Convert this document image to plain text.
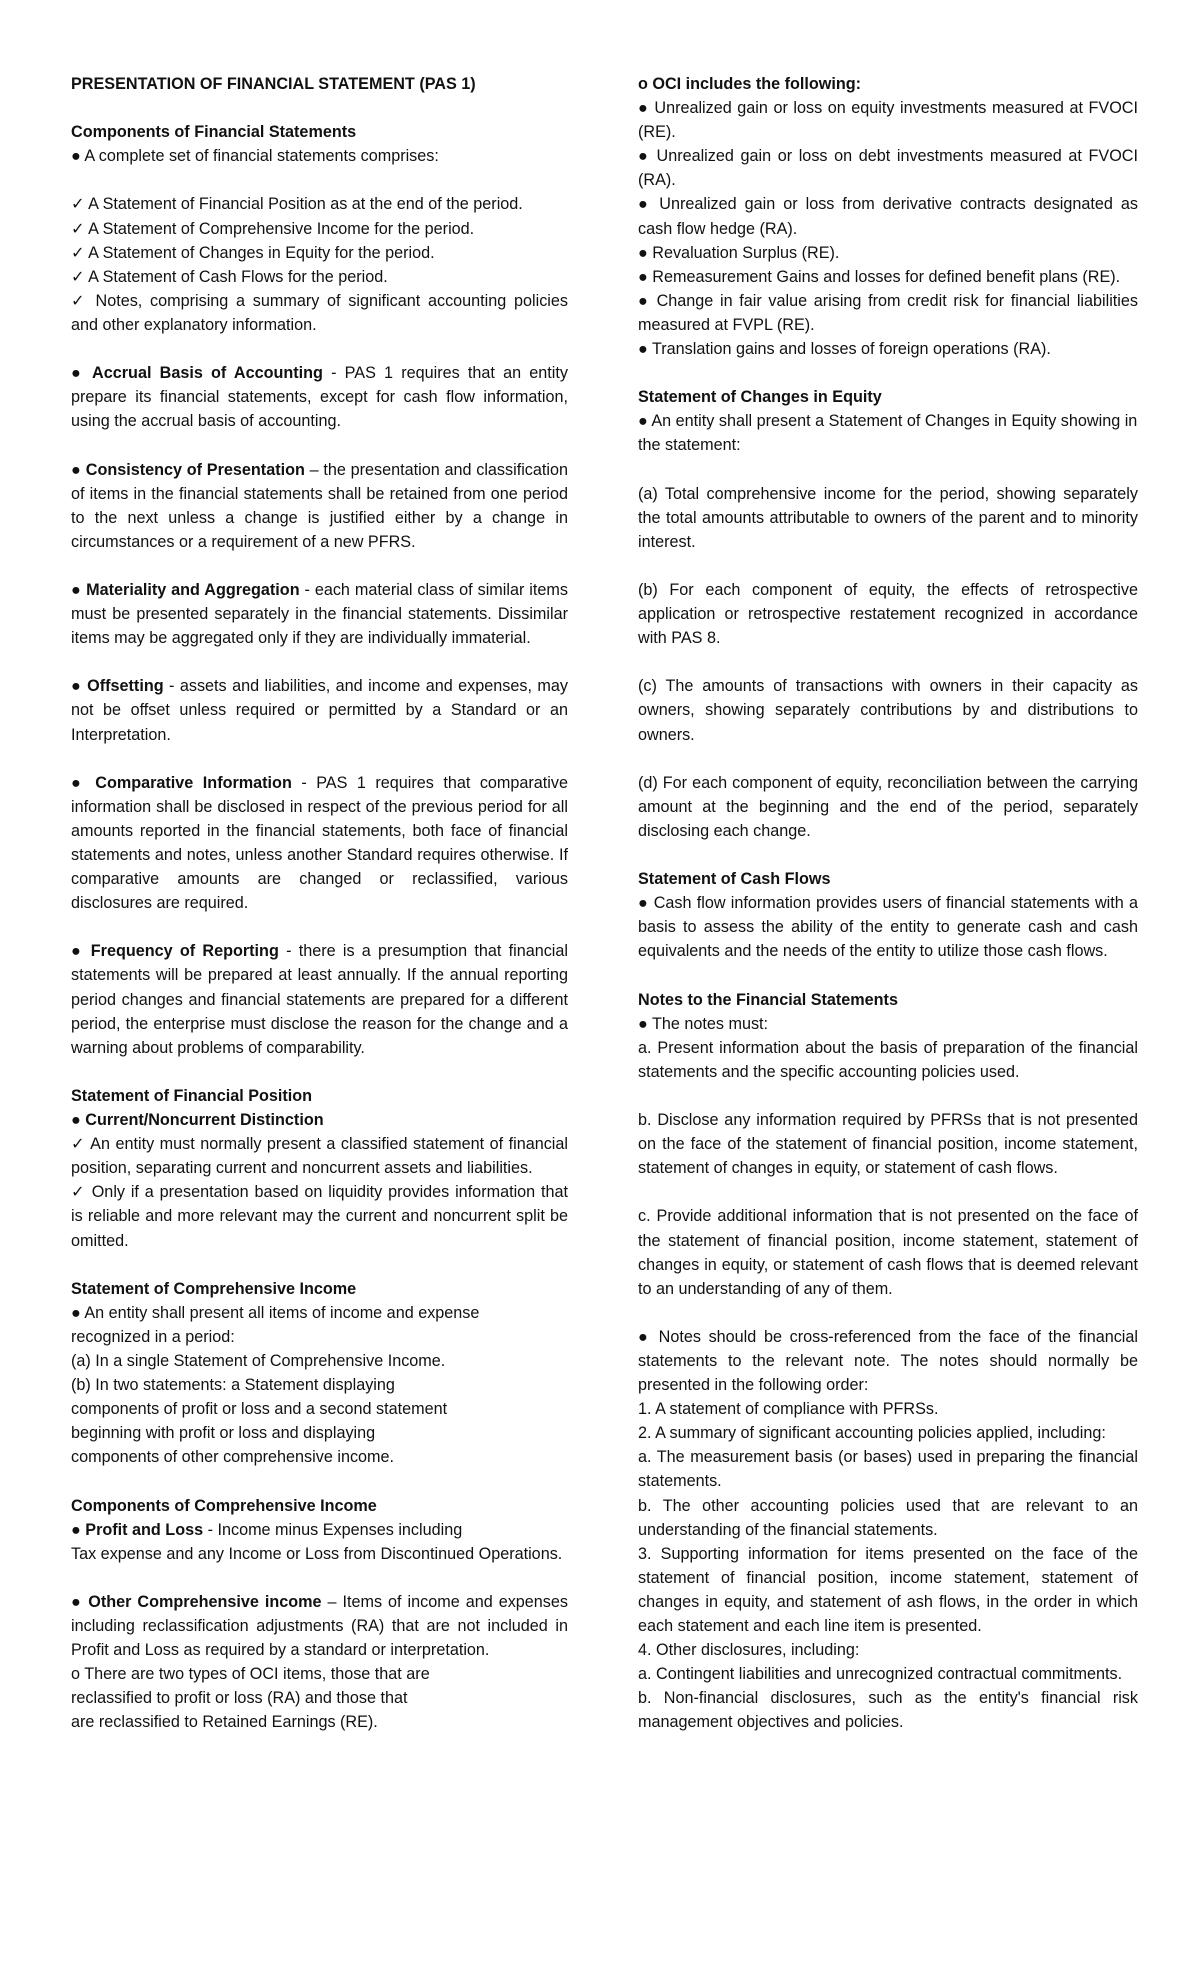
PRESENTATION OF FINANCIAL STATEMENT (PAS 1)

Components of Financial Statements

● A complete set of financial statements comprises:

✓ A Statement of Financial Position as at the end of the period.

✓ A Statement of Comprehensive Income for the period.

✓ A Statement of Changes in Equity for the period.

✓ A Statement of Cash Flows for the period.

✓ Notes, comprising a summary of significant accounting policies and other explanatory information.

● Accrual Basis of Accounting - PAS 1 requires that an entity prepare its financial statements, except for cash flow information, using the accrual basis of accounting.

● Consistency of Presentation – the presentation and classification of items in the financial statements shall be retained from one period to the next unless a change is justified either by a change in circumstances or a requirement of a new PFRS.

● Materiality and Aggregation - each material class of similar items must be presented separately in the financial statements. Dissimilar items may be aggregated only if they are individually immaterial.

● Offsetting - assets and liabilities, and income and expenses, may not be offset unless required or permitted by a Standard or an Interpretation.

● Comparative Information - PAS 1 requires that comparative information shall be disclosed in respect of the previous period for all amounts reported in the financial statements, both face of financial statements and notes, unless another Standard requires otherwise. If comparative amounts are changed or reclassified, various disclosures are required.

● Frequency of Reporting - there is a presumption that financial statements will be prepared at least annually. If the annual reporting period changes and financial statements are prepared for a different period, the enterprise must disclose the reason for the change and a warning about problems of comparability.

Statement of Financial Position

● Current/Noncurrent Distinction

✓ An entity must normally present a classified statement of financial position, separating current and noncurrent assets and liabilities.

✓ Only if a presentation based on liquidity provides information that is reliable and more relevant may the current and noncurrent split be omitted.

Statement of Comprehensive Income

● An entity shall present all items of income and expense

recognized in a period:

(a) In a single Statement of Comprehensive Income.

(b) In two statements: a Statement displaying

components of profit or loss and a second statement

beginning with profit or loss and displaying

components of other comprehensive income.

Components of Comprehensive Income

● Profit and Loss - Income minus Expenses including

Tax expense and any Income or Loss from Discontinued Operations.

● Other Comprehensive income – Items of income and expenses including reclassification adjustments (RA) that are not included in Profit and Loss as required by a standard or interpretation.

o There are two types of OCI items, those that are

reclassified to profit or loss (RA) and those that

are reclassified to Retained Earnings (RE).

o OCI includes the following:

● Unrealized gain or loss on equity investments measured at FVOCI (RE).

● Unrealized gain or loss on debt investments measured at FVOCI (RA).

● Unrealized gain or loss from derivative contracts designated as cash flow hedge (RA).

● Revaluation Surplus (RE).

● Remeasurement Gains and losses for defined benefit plans (RE).

● Change in fair value arising from credit risk for financial liabilities measured at FVPL (RE).

● Translation gains and losses of foreign operations (RA).

Statement of Changes in Equity

● An entity shall present a Statement of Changes in Equity showing in the statement:

(a) Total comprehensive income for the period, showing separately the total amounts attributable to owners of the parent and to minority interest.

(b) For each component of equity, the effects of retrospective application or retrospective restatement recognized in accordance with PAS 8.

(c) The amounts of transactions with owners in their capacity as owners, showing separately contributions by and distributions to owners.

(d) For each component of equity, reconciliation between the carrying amount at the beginning and the end of the period, separately disclosing each change.

Statement of Cash Flows

● Cash flow information provides users of financial statements with a basis to assess the ability of the entity to generate cash and cash equivalents and the needs of the entity to utilize those cash flows.

Notes to the Financial Statements

● The notes must:

a. Present information about the basis of preparation of the financial statements and the specific accounting policies used.

b. Disclose any information required by PFRSs that is not presented on the face of the statement of financial position, income statement, statement of changes in equity, or statement of cash flows.

c. Provide additional information that is not presented on the face of the statement of financial position, income statement, statement of changes in equity, or statement of cash flows that is deemed relevant to an understanding of any of them.

● Notes should be cross-referenced from the face of the financial statements to the relevant note. The notes should normally be presented in the following order:

1. A statement of compliance with PFRSs.

2. A summary of significant accounting policies applied, including:

a. The measurement basis (or bases) used in preparing the financial statements.

b. The other accounting policies used that are relevant to an understanding of the financial statements.

3. Supporting information for items presented on the face of the statement of financial position, income statement, statement of changes in equity, and statement of ash flows, in the order in which each statement and each line item is presented.

4. Other disclosures, including:

a. Contingent liabilities and unrecognized contractual commitments.

b. Non-financial disclosures, such as the entity's financial risk management objectives and policies.
